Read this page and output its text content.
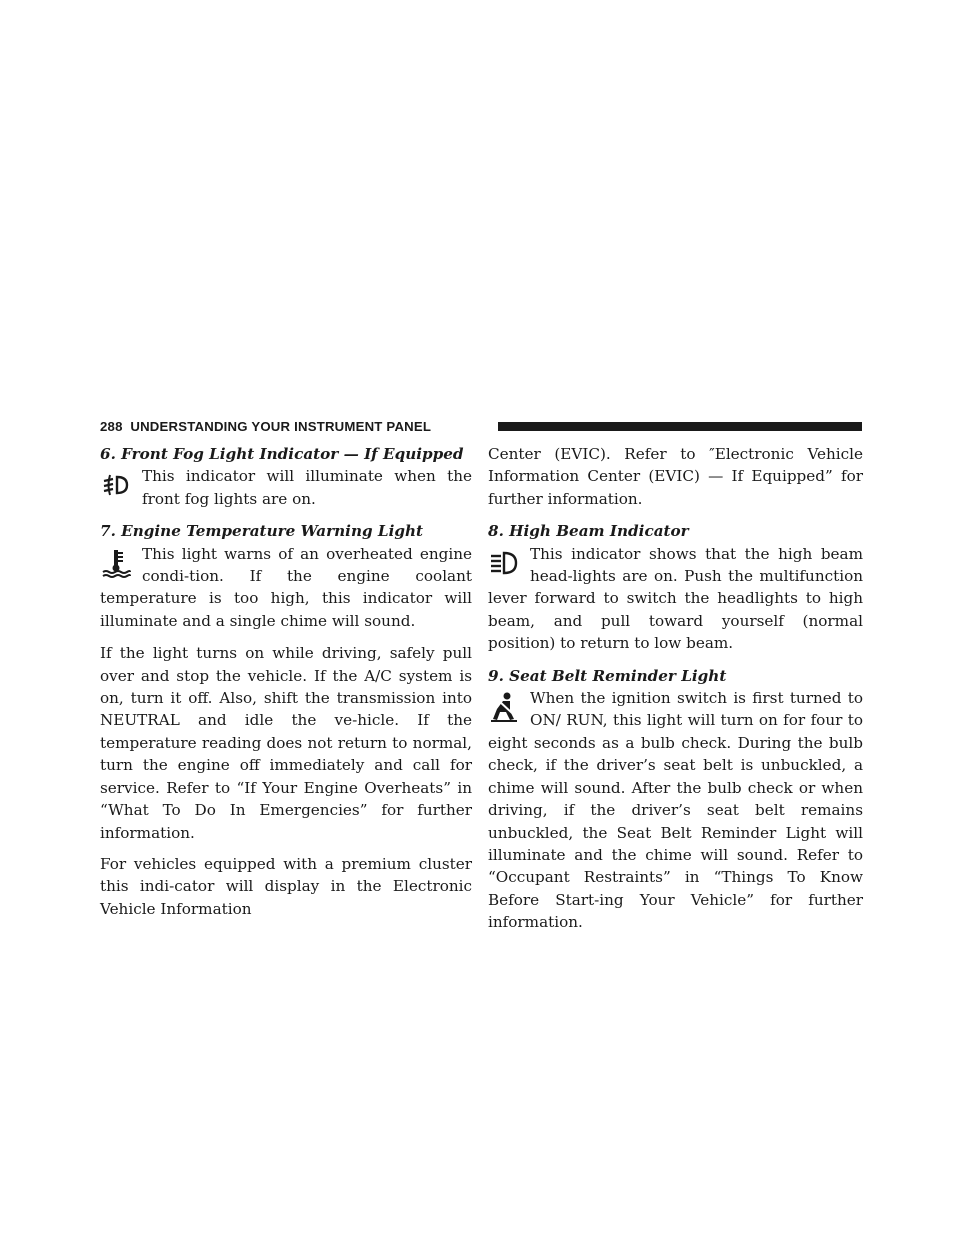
288 UNDERSTANDING YOUR INSTRUMENT PANEL

6. Front Fog Light Indicator — If Equipped

This indicator will illuminate when the front fog lights are on.

7. Engine Temperature Warning Light

This light warns of an overheated engine condi-tion. If the engine coolant temperature is too high, this indicator will illuminate and a single chime will sound.

If the light turns on while driving, safely pull over and stop the vehicle. If the A/C system is on, turn it off. Also, shift the transmission into NEUTRAL and idle the ve-hicle. If the temperature reading does not return to normal, turn the engine off immediately and call for service. Refer to “If Your Engine Overheats” in “What To Do In Emergencies” for further information.

For vehicles equipped with a premium cluster this indi-cator will display in the Electronic Vehicle Information

Center (EVIC). Refer to ″Electronic Vehicle Information Center (EVIC) — If Equipped” for further information.

8. High Beam Indicator

This indicator shows that the high beam head-lights are on. Push the multifunction lever forward to switch the headlights to high beam, and pull toward yourself (normal position) to return to low beam.

9. Seat Belt Reminder Light

When the ignition switch is first turned to ON/ RUN, this light will turn on for four to eight seconds as a bulb check. During the bulb check, if the driver’s seat belt is unbuckled, a chime will sound. After the bulb check or when driving, if the driver’s seat belt remains unbuckled, the Seat Belt Reminder Light will illuminate and the chime will sound. Refer to “Occupant Restraints” in “Things To Know Before Start-ing Your Vehicle” for further information.
